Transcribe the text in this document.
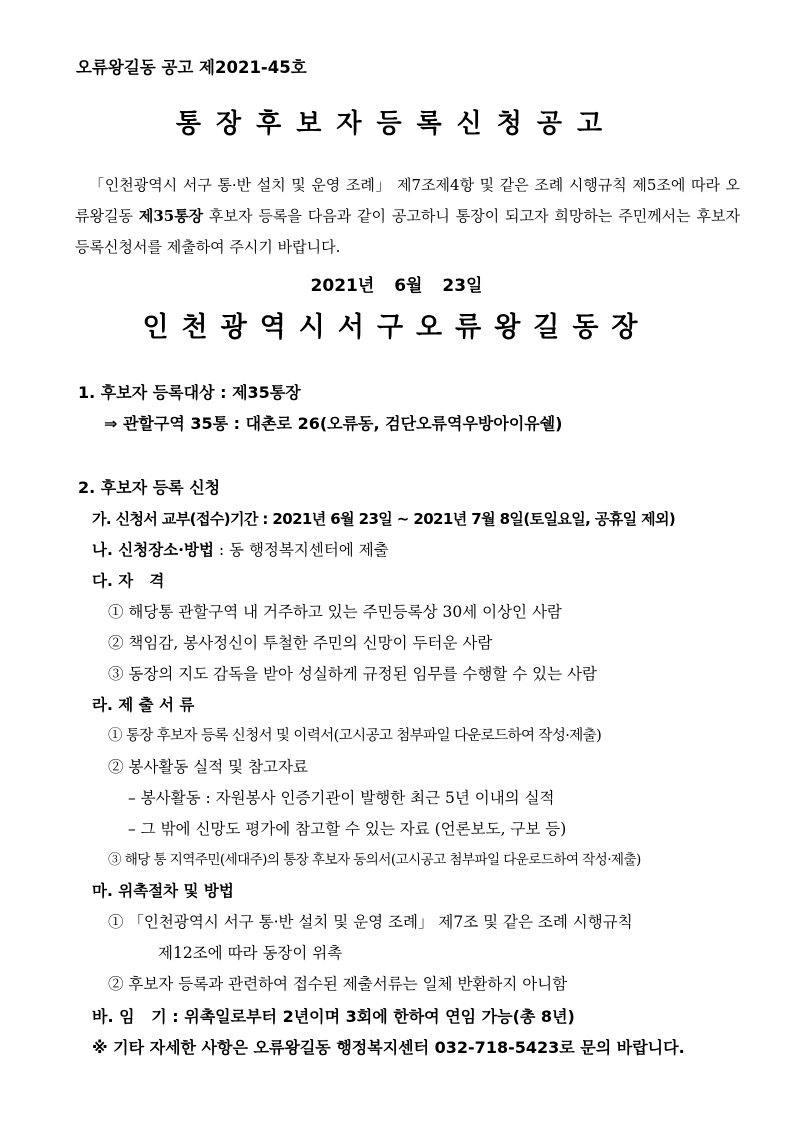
오류왕길동 공고 제2021-45호
통장후보자등록신청공고
「인천광역시 서구 통·반 설치 및 운영 조례」 제7조제4항 및 같은 조례 시행규칙 제5조에 따라 오류왕길동 제35통장 후보자 등록을 다음과 같이 공고하니 통장이 되고자 희망하는 주민께서는 후보자 등록신청서를 제출하여 주시기 바랍니다.
2021년 6월 23일
인천광역시서구오류왕길동장
1. 후보자 등록대상 : 제35통장
⇒ 관할구역 35통 : 대촌로 26(오류동, 검단오류역우방아이유쉘)
2. 후보자 등록 신청
가. 신청서 교부(접수)기간 : 2021년 6월 23일 ~ 2021년 7월 8일(토일요일, 공휴일 제외)
나. 신청장소·방법 : 동 행정복지센터에 제출
다. 자   격
① 해당통 관할구역 내 거주하고 있는 주민등록상 30세 이상인 사람
② 책임감, 봉사정신이 투철한 주민의 신망이 두터운 사람
③ 동장의 지도 감독을 받아 성실하게 규정된 임무를 수행할 수 있는 사람
라. 제 출 서 류
① 통장 후보자 등록 신청서 및 이력서(고시공고 첨부파일 다운로드하여 작성·제출)
② 봉사활동 실적 및 참고자료
– 봉사활동 : 자원봉사 인증기관이 발행한 최근 5년 이내의 실적
– 그 밖에 신망도 평가에 참고할 수 있는 자료 (언론보도, 구보 등)
③ 해당 통 지역주민(세대주)의 통장 후보자 동의서(고시공고 첨부파일 다운로드하여 작성·제출)
마. 위촉절차 및 방법
① 「인천광역시 서구 통·반 설치 및 운영 조례」 제7조 및 같은 조례 시행규칙
제12조에 따라 동장이 위촉
② 후보자 등록과 관련하여 접수된 제출서류는 일체 반환하지 아니함
바. 임   기 : 위촉일로부터 2년이며 3회에 한하여 연임 가능(총 8년)
※ 기타 자세한 사항은 오류왕길동 행정복지센터 032-718-5423로 문의 바랍니다.
